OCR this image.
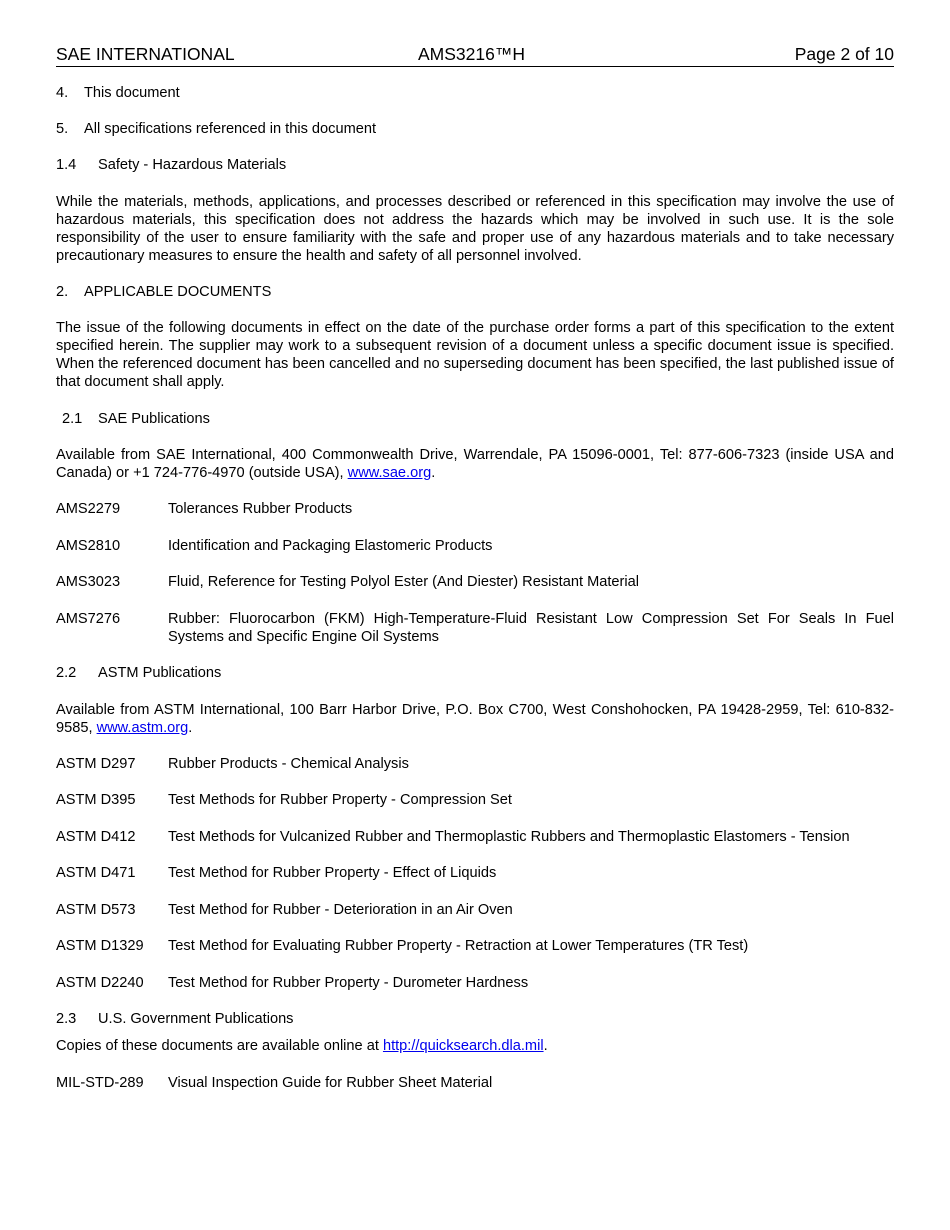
SAE INTERNATIONAL	AMS3216™H	Page 2 of 10
4. This document
5. All specifications referenced in this document
1.4 Safety - Hazardous Materials
While the materials, methods, applications, and processes described or referenced in this specification may involve the use of hazardous materials, this specification does not address the hazards which may be involved in such use. It is the sole responsibility of the user to ensure familiarity with the safe and proper use of any hazardous materials and to take necessary precautionary measures to ensure the health and safety of all personnel involved.
2. APPLICABLE DOCUMENTS
The issue of the following documents in effect on the date of the purchase order forms a part of this specification to the extent specified herein. The supplier may work to a subsequent revision of a document unless a specific document issue is specified. When the referenced document has been cancelled and no superseding document has been specified, the last published issue of that document shall apply.
2.1 SAE Publications
Available from SAE International, 400 Commonwealth Drive, Warrendale, PA 15096-0001, Tel: 877-606-7323 (inside USA and Canada) or +1 724-776-4970 (outside USA), www.sae.org.
AMS2279	Tolerances Rubber Products
AMS2810	Identification and Packaging Elastomeric Products
AMS3023	Fluid, Reference for Testing Polyol Ester (And Diester) Resistant Material
AMS7276	Rubber: Fluorocarbon (FKM) High-Temperature-Fluid Resistant Low Compression Set For Seals In Fuel Systems and Specific Engine Oil Systems
2.2 ASTM Publications
Available from ASTM International, 100 Barr Harbor Drive, P.O. Box C700, West Conshohocken, PA 19428-2959, Tel: 610-832-9585, www.astm.org.
ASTM D297 Rubber Products - Chemical Analysis
ASTM D395 Test Methods for Rubber Property - Compression Set
ASTM D412 Test Methods for Vulcanized Rubber and Thermoplastic Rubbers and Thermoplastic Elastomers - Tension
ASTM D471 Test Method for Rubber Property - Effect of Liquids
ASTM D573 Test Method for Rubber - Deterioration in an Air Oven
ASTM D1329 Test Method for Evaluating Rubber Property - Retraction at Lower Temperatures (TR Test)
ASTM D2240 Test Method for Rubber Property - Durometer Hardness
2.3 U.S. Government Publications
Copies of these documents are available online at http://quicksearch.dla.mil.
MIL-STD-289 Visual Inspection Guide for Rubber Sheet Material
